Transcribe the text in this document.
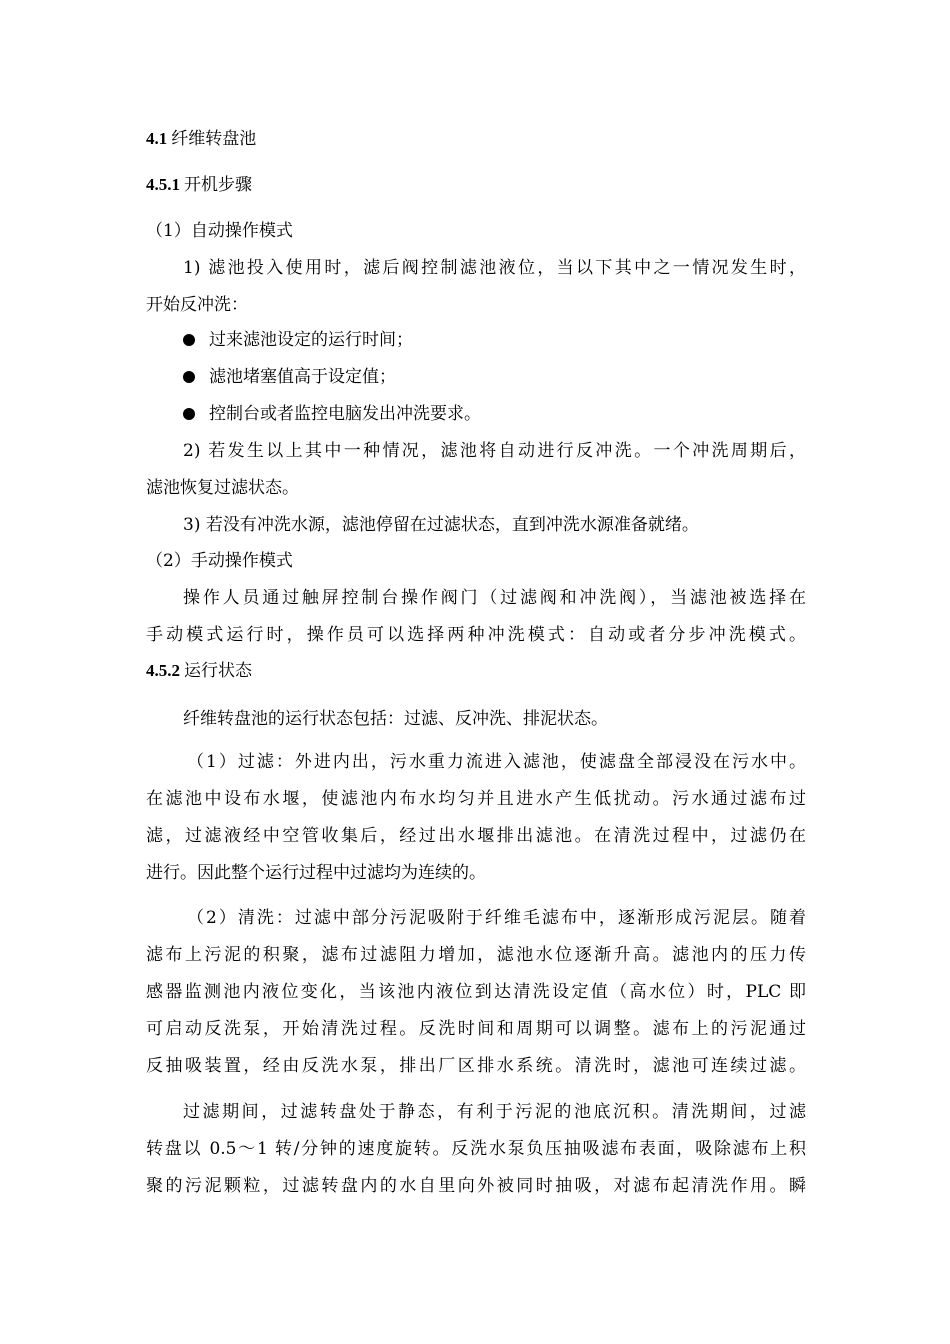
4.1 纤维转盘池
4.5.1 开机步骤
（1）自动操作模式
1) 滤池投入使用时，滤后阀控制滤池液位，当以下其中之一情况发生时，
开始反冲洗：
过来滤池设定的运行时间；
滤池堵塞值高于设定值；
控制台或者监控电脑发出冲洗要求。
2) 若发生以上其中一种情况，滤池将自动进行反冲洗。一个冲洗周期后，
滤池恢复过滤状态。
3) 若没有冲洗水源，滤池停留在过滤状态，直到冲洗水源准备就绪。
（2）手动操作模式
操作人员通过触屏控制台操作阀门（过滤阀和冲洗阀），当滤池被选择在
手动模式运行时，操作员可以选择两种冲洗模式：自动或者分步冲洗模式。
4.5.2 运行状态
纤维转盘池的运行状态包括：过滤、反冲洗、排泥状态。
（1）过滤：外进内出，污水重力流进入滤池，使滤盘全部浸没在污水中。
在滤池中设布水堰，使滤池内布水均匀并且进水产生低扰动。污水通过滤布过
滤，过滤液经中空管收集后，经过出水堰排出滤池。在清洗过程中，过滤仍在
进行。因此整个运行过程中过滤均为连续的。
（2）清洗：过滤中部分污泥吸附于纤维毛滤布中，逐渐形成污泥层。随着
滤布上污泥的积聚，滤布过滤阻力增加，滤池水位逐渐升高。滤池内的压力传
感器监测池内液位变化，当该池内液位到达清洗设定值（高水位）时，PLC 即
可启动反洗泵，开始清洗过程。反洗时间和周期可以调整。滤布上的污泥通过
反抽吸装置，经由反洗水泵，排出厂区排水系统。清洗时，滤池可连续过滤。
过滤期间，过滤转盘处于静态，有利于污泥的池底沉积。清洗期间，过滤
转盘以 0.5～1 转/分钟的速度旋转。反洗水泵负压抽吸滤布表面，吸除滤布上积
聚的污泥颗粒，过滤转盘内的水自里向外被同时抽吸，对滤布起清洗作用。瞬
